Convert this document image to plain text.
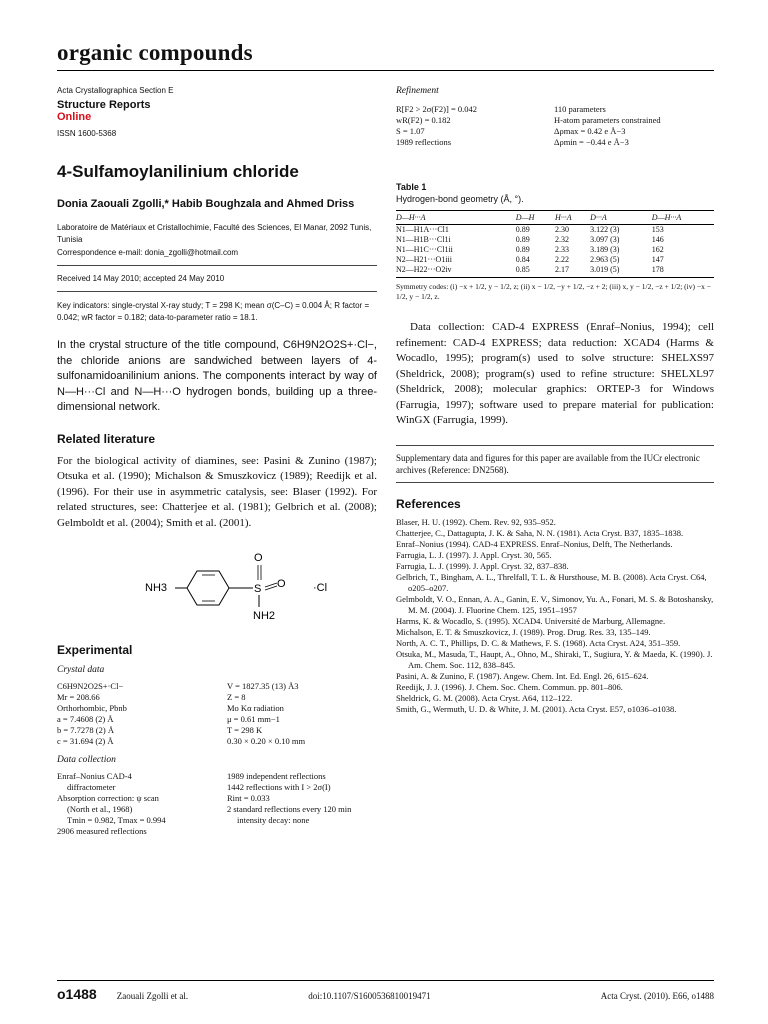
organic compounds
Acta Crystallographica Section E
Structure Reports
Online
ISSN 1600-5368
4-Sulfamoylanilinium chloride
Donia Zaouali Zgolli,* Habib Boughzala and Ahmed Driss
Laboratoire de Matériaux et Cristallochimie, Faculté des Sciences, El Manar, 2092 Tunis, Tunisia
Correspondence e-mail: donia_zgolli@hotmail.com
Received 14 May 2010; accepted 24 May 2010
Key indicators: single-crystal X-ray study; T = 298 K; mean σ(C–C) = 0.004 Å; R factor = 0.042; wR factor = 0.182; data-to-parameter ratio = 18.1.
In the crystal structure of the title compound, C6H9N2O2S+·Cl−, the chloride anions are sandwiched between layers of 4-sulfonamidoanilinium anions. The components interact by way of N—H···Cl and N—H···O hydrogen bonds, building up a three-dimensional network.
Related literature
For the biological activity of diamines, see: Pasini & Zunino (1987); Otsuka et al. (1990); Michalson & Smuszkovicz (1989); Reedijk et al. (1996). For their use in asymmetric catalysis, see: Blaser (1992). For related structures, see: Chatterjee et al. (1981); Gelbrich et al. (2008); Gelmboldt et al. (2004); Smith et al. (2001).
NH3	S
O
O
NH2
·Cl
Experimental
Crystal data
C6H9N2O2S+·Cl−
Mr = 208.66
Orthorhombic, Pbnb
a = 7.4608 (2) Å
b = 7.7278 (2) Å
c = 31.694 (2) Å
V = 1827.35 (13) Å3
Z = 8
Mo Kα radiation
μ = 0.61 mm−1
T = 298 K
0.30 × 0.20 × 0.10 mm
Data collection
Enraf–Nonius CAD-4
diffractometer
Absorption correction: ψ scan
(North et al., 1968)
Tmin = 0.982, Tmax = 0.994
2906 measured reflections
1989 independent reflections
1442 reflections with I > 2σ(I)
Rint = 0.033
2 standard reflections every 120 min
intensity decay: none
Refinement
R[F2 > 2σ(F2)] = 0.042
wR(F2) = 0.182
S = 1.07
1989 reflections
110 parameters
H-atom parameters constrained
Δρmax = 0.42 e Å−3
Δρmin = −0.44 e Å−3
Table 1
Hydrogen-bond geometry (Å, °).
D—H···A	D—H	H···A	D···A	D—H···A
N1—H1A···Cl1	0.89	2.30	3.122 (3)	153
N1—H1B···Cl1i	0.89	2.32	3.097 (3)	146
N1—H1C···Cl1ii	0.89	2.33	3.189 (3)	162
N2—H21···O1iii	0.84	2.22	2.963 (5)	147
N2—H22···O2iv	0.85	2.17	3.019 (5)	178
Symmetry codes: (i) −x + 1/2, y − 1/2, z; (ii) x − 1/2, −y + 1/2, −z + 2; (iii) x, y − 1/2, −z + 1/2; (iv) −x − 1/2, y − 1/2, z.
Data collection: CAD-4 EXPRESS (Enraf–Nonius, 1994); cell refinement: CAD-4 EXPRESS; data reduction: XCAD4 (Harms & Wocadlo, 1995); program(s) used to solve structure: SHELXS97 (Sheldrick, 2008); program(s) used to refine structure: SHELXL97 (Sheldrick, 2008); molecular graphics: ORTEP-3 for Windows (Farrugia, 1997); software used to prepare material for publication: WinGX (Farrugia, 1999).
Supplementary data and figures for this paper are available from the IUCr electronic archives (Reference: DN2568).
References
Blaser, H. U. (1992). Chem. Rev. 92, 935–952.
Chatterjee, C., Dattagupta, J. K. & Saha, N. N. (1981). Acta Cryst. B37, 1835–1838.
Enraf–Nonius (1994). CAD-4 EXPRESS. Enraf–Nonius, Delft, The Netherlands.
Farrugia, L. J. (1997). J. Appl. Cryst. 30, 565.
Farrugia, L. J. (1999). J. Appl. Cryst. 32, 837–838.
Gelbrich, T., Bingham, A. L., Threlfall, T. L. & Hursthouse, M. B. (2008). Acta Cryst. C64, o205–o207.
Gelmboldt, V. O., Ennan, A. A., Ganin, E. V., Simonov, Yu. A., Fonari, M. S. & Botoshansky, M. M. (2004). J. Fluorine Chem. 125, 1951–1957
Harms, K. & Wocadlo, S. (1995). XCAD4. Université de Marburg, Allemagne.
Michalson, E. T. & Smuszkovicz, J. (1989). Prog. Drug. Res. 33, 135–149.
North, A. C. T., Phillips, D. C. & Mathews, F. S. (1968). Acta Cryst. A24, 351–359.
Otsuka, M., Masuda, T., Haupt, A., Ohno, M., Shiraki, T., Sugiura, Y. & Maeda, K. (1990). J. Am. Chem. Soc. 112, 838–845.
Pasini, A. & Zunino, F. (1987). Angew. Chem. Int. Ed. Engl. 26, 615–624.
Reedijk, J. J. (1996). J. Chem. Soc. Chem. Commun. pp. 801–806.
Sheldrick, G. M. (2008). Acta Cryst. A64, 112–122.
Smith, G., Wermuth, U. D. & White, J. M. (2001). Acta Cryst. E57, o1036–o1038.
o1488 Zaouali Zgolli et al.	doi:10.1107/S1600536810019471	Acta Cryst. (2010). E66, o1488
